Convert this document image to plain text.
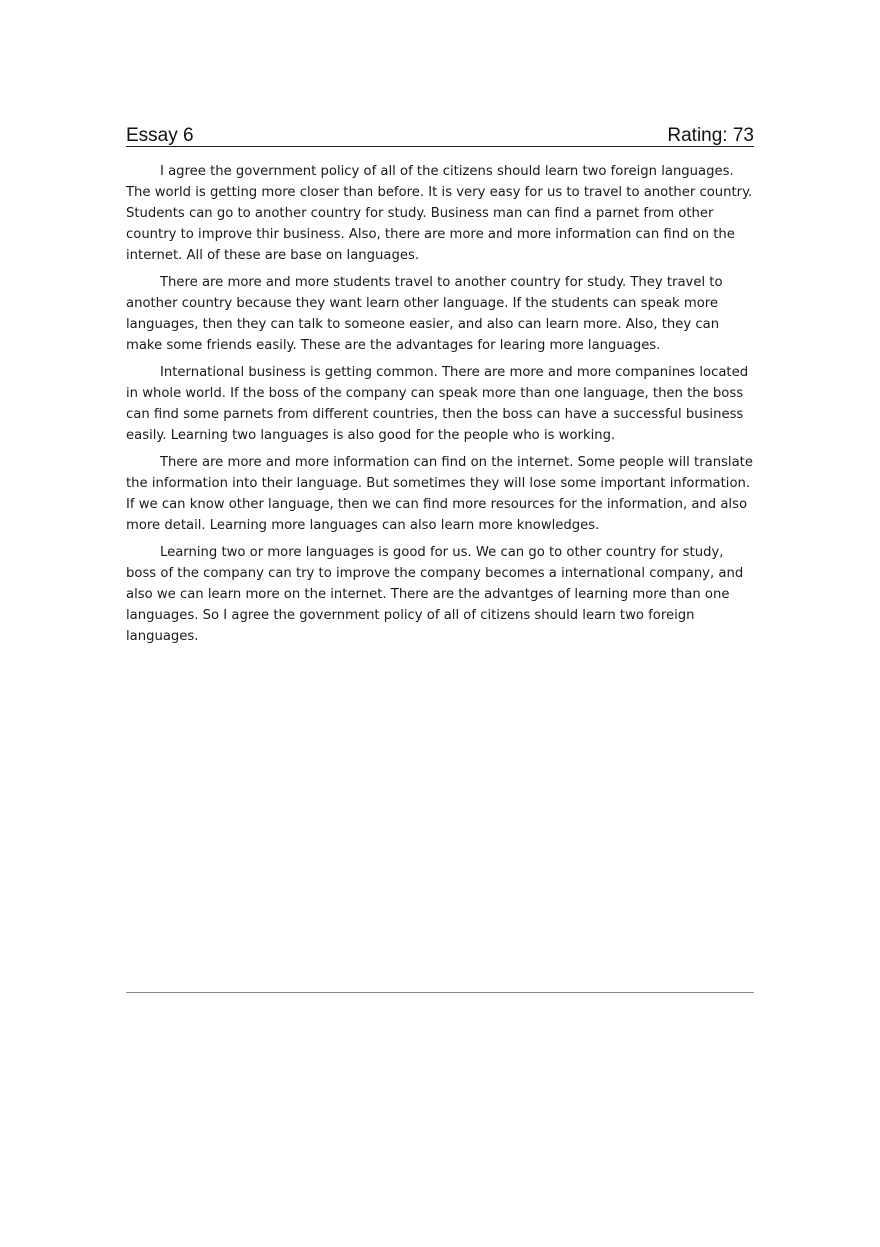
Essay 6	Rating: 73

I agree the government policy of all of the citizens should learn two foreign languages. The world is getting more closer than before. It is very easy for us to travel to another country. Students can go to another country for study. Business man can find a parnet from other country to improve thir business. Also, there are more and more information can find on the internet. All of these are base on languages.

There are more and more students travel to another country for study. They travel to another country because they want learn other language. If the students can speak more languages, then they can talk to someone easier, and also can learn more. Also, they can make some friends easily. These are the advantages for learing more languages.

International business is getting common. There are more and more companines located in whole world. If the boss of the company can speak more than one language, then the boss can find some parnets from different countries, then the boss can have a successful business easily. Learning two languages is also good for the people who is working.

There are more and more information can find on the internet. Some people will translate the information into their language. But sometimes they will lose some important information. If we can know other language, then we can find more resources for the information, and also more detail. Learning more languages can also learn more knowledges.

Learning two or more languages is good for us. We can go to other country for study, boss of the company can try to improve the company becomes a international company, and also we can learn more on the internet. There are the advantges of learning more than one languages. So I agree the government policy of all of citizens should learn two foreign languages.
